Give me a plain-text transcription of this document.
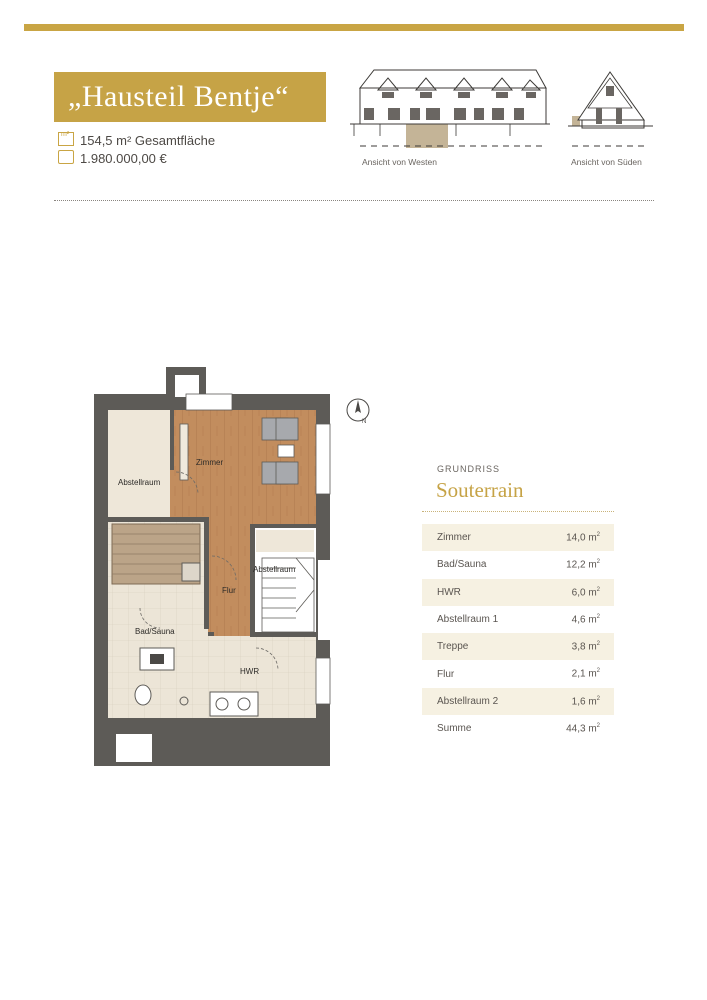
„Hausteil Bentje“
m² 154,5 m² Gesamtfläche
1.980.000,00 €	Ansicht von Westen	Ansicht von Süden
Zimmer
Abstellraum
Abstellraum
Flur
Bad/Sauna
HWR
N
GRUNDRISS
Souterrain
Zimmer	14,0 $m^2$
Bad/Sauna	12,2 $m^2$
HWR	6,0 $m^2$
Abstellraum 1	4,6 $m^2$
Treppe	3,8 $m^2$
Flur	2,1 $m^2$
Abstellraum 2	1,6 $m^2$
Summe	44,3 $m^2$
